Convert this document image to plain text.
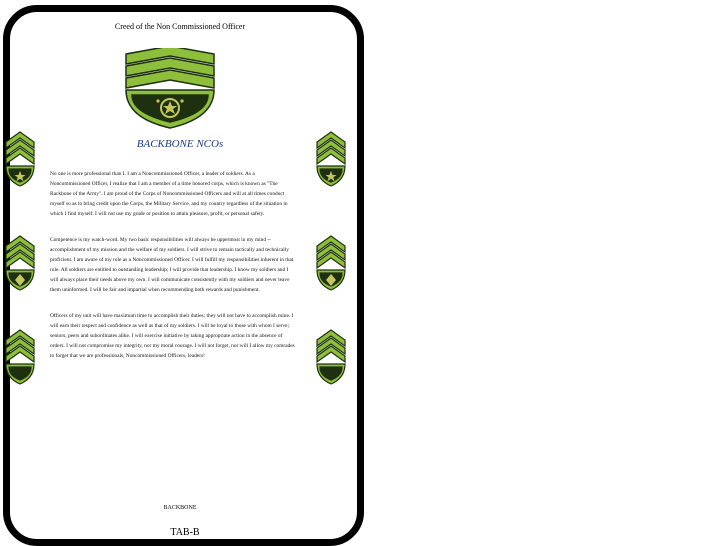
Creed of the Non Commissioned Officer
BACKBONE NCOs

No one is more professional than I. I am a Noncommissioned Officer, a leader of soldiers. As a Noncommissioned Officer, I realize that I am a member of a time honored corps, which is known as "The Backbone of the Army". I am proud of the Corps of Noncommissioned Officers and will at all times conduct myself so as to bring credit upon the Corps, the Military Service, and my country regardless of the situation in which I find myself. I will not use my grade or position to attain pleasure, profit, or personal safety.

Competence is my watch-word. My two basic responsibilities will always be uppermost in my mind -- accomplishment of my mission and the welfare of my soldiers. I will strive to remain tactically and technically proficient. I am aware of my role as a Noncommissioned Officer. I will fulfill my responsibilities inherent in that role. All soldiers are entitled to outstanding leadership; I will provide that leadership. I know my soldiers and I will always place their needs above my own. I will communicate consistently with my soldiers and never leave them uninformed. I will be fair and impartial when recommending both rewards and punishment.

Officers of my unit will have maximum time to accomplish their duties; they will not have to accomplish mine. I will earn their respect and confidence as well as that of my soldiers. I will be loyal to those with whom I serve; seniors, peers and subordinates alike. I will exercise initiative by taking appropriate action in the absence of orders. I will not compromise my integrity, nor my moral courage. I will not forget, nor will I allow my comrades to forget that we are professionals, Noncommissioned Officers, leaders!

BACKBONE
TAB-B
